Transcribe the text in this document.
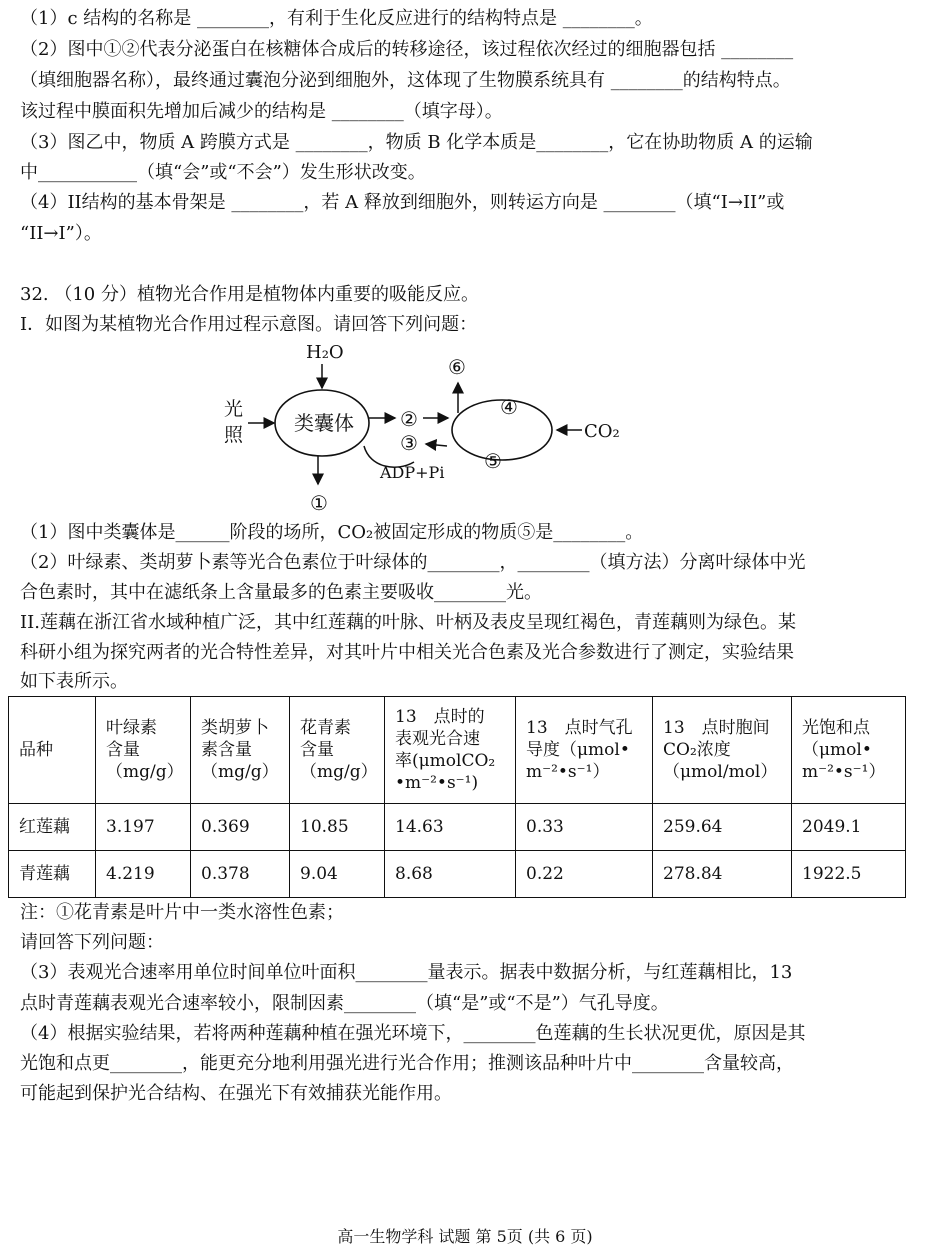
（1）c 结构的名称是 ________，有利于生化反应进行的结构特点是 ________。
（2）图中①②代表分泌蛋白在核糖体合成后的转移途径，该过程依次经过的细胞器包括 ________
（填细胞器名称），最终通过囊泡分泌到细胞外，这体现了生物膜系统具有 ________的结构特点。
该过程中膜面积先增加后减少的结构是 ________（填字母）。
（3）图乙中，物质 A 跨膜方式是 ________，物质 B 化学本质是________，它在协助物质 A 的运输
中___________（填“会”或“不会”）发生形状改变。
（4）II结构的基本骨架是 ________，若 A 释放到细胞外，则转运方向是 ________（填“I→II”或
“II→I”）。
32. （10 分）植物光合作用是植物体内重要的吸能反应。
I．如图为某植物光合作用过程示意图。请回答下列问题：
H₂O
光
照	类囊体
①
②
③
ADP+Pi
⑥
④
⑤
CO₂
（1）图中类囊体是______阶段的场所，CO₂被固定形成的物质⑤是________。
（2）叶绿素、类胡萝卜素等光合色素位于叶绿体的________，________（填方法）分离叶绿体中光
合色素时，其中在滤纸条上含量最多的色素主要吸收________光。
II.莲藕在浙江省水域种植广泛，其中红莲藕的叶脉、叶柄及表皮呈现红褐色，青莲藕则为绿色。某
科研小组为探究两者的光合特性差异，对其叶片中相关光合色素及光合参数进行了测定，实验结果
如下表所示。
品种	叶绿素
含量
（mg/g）	类胡萝卜
素含量
（mg/g）	花青素
含量
（mg/g）	13　点时的
表观光合速
率(μmolCO₂
•m⁻²•s⁻¹)	13　点时气孔
导度（μmol•
m⁻²•s⁻¹）	13　点时胞间
CO₂浓度
（μmol/mol）	光饱和点
（μmol•
m⁻²•s⁻¹）
红莲藕	3.197	0.369	10.85	14.63	0.33	259.64	2049.1
青莲藕	4.219	0.378	9.04	8.68	0.22	278.84	1922.5
注：①花青素是叶片中一类水溶性色素；
请回答下列问题：
（3）表观光合速率用单位时间单位叶面积________量表示。据表中数据分析，与红莲藕相比，13
点时青莲藕表观光合速率较小，限制因素________（填“是”或“不是”）气孔导度。
（4）根据实验结果，若将两种莲藕种植在强光环境下，________色莲藕的生长状况更优，原因是其
光饱和点更________，能更充分地利用强光进行光合作用；推测该品种叶片中________含量较高，
可能起到保护光合结构、在强光下有效捕获光能作用。
高一生物学科 试题 第 5页 (共 6 页)
